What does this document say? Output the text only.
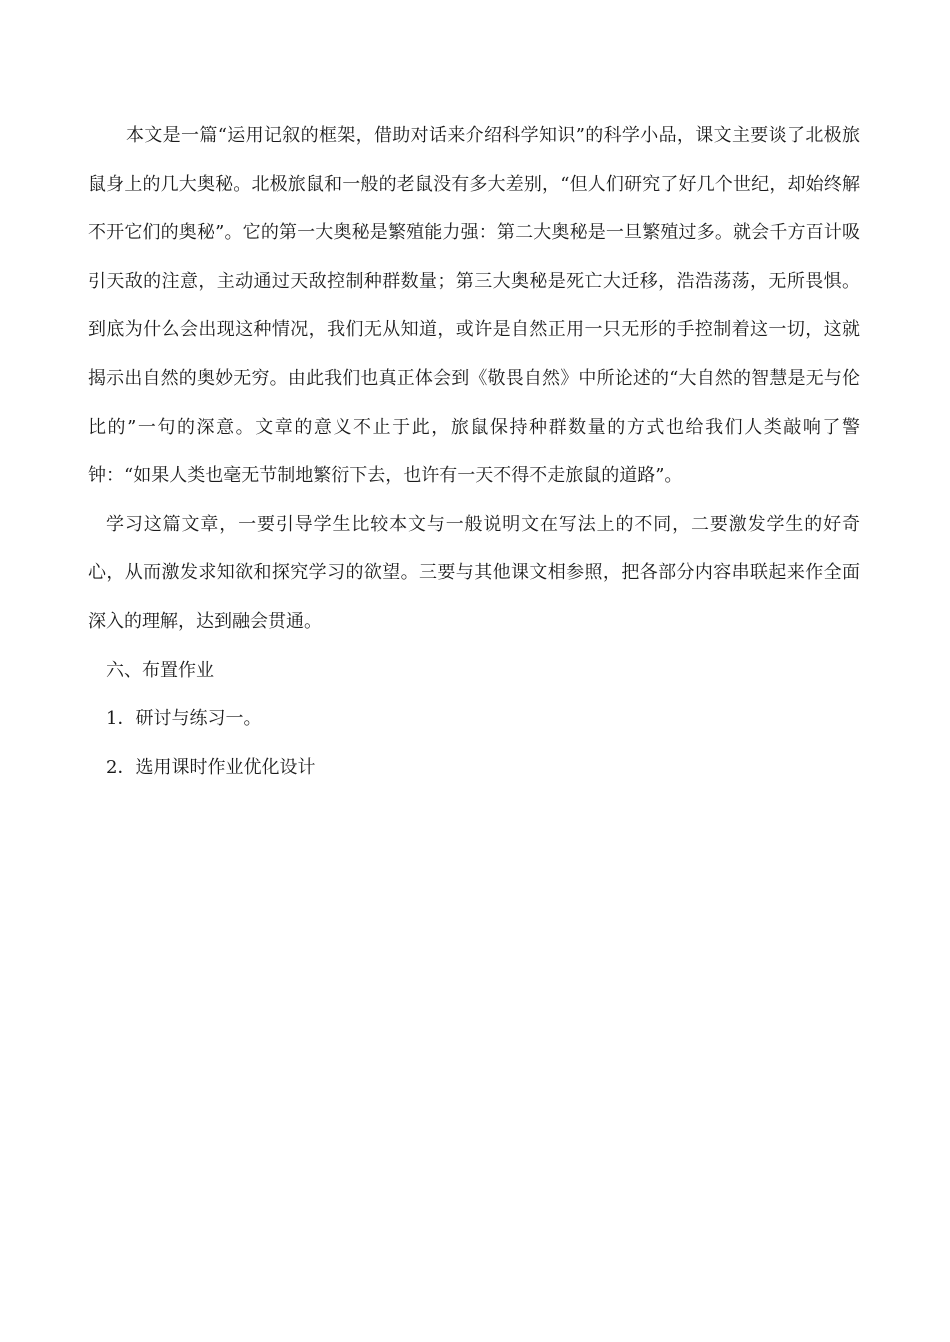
本文是一篇“运用记叙的框架，借助对话来介绍科学知识”的科学小品，课文主要谈了北极旅鼠身上的几大奥秘。北极旅鼠和一般的老鼠没有多大差别，“但人们研究了好几个世纪，却始终解不开它们的奥秘”。它的第一大奥秘是繁殖能力强：第二大奥秘是一旦繁殖过多。就会千方百计吸引天敌的注意，主动通过天敌控制种群数量；第三大奥秘是死亡大迁移，浩浩荡荡，无所畏惧。到底为什么会出现这种情况，我们无从知道，或许是自然正用一只无形的手控制着这一切，这就揭示出自然的奥妙无穷。由此我们也真正体会到《敬畏自然》中所论述的“大自然的智慧是无与伦比的”一句的深意。文章的意义不止于此，旅鼠保持种群数量的方式也给我们人类敲响了警钟：“如果人类也毫无节制地繁衍下去，也许有一天不得不走旅鼠的道路”。

学习这篇文章，一要引导学生比较本文与一般说明文在写法上的不同，二要激发学生的好奇心，从而激发求知欲和探究学习的欲望。三要与其他课文相参照，把各部分内容串联起来作全面深入的理解，达到融会贯通。

六、布置作业

1．研讨与练习一。

2．选用课时作业优化设计
